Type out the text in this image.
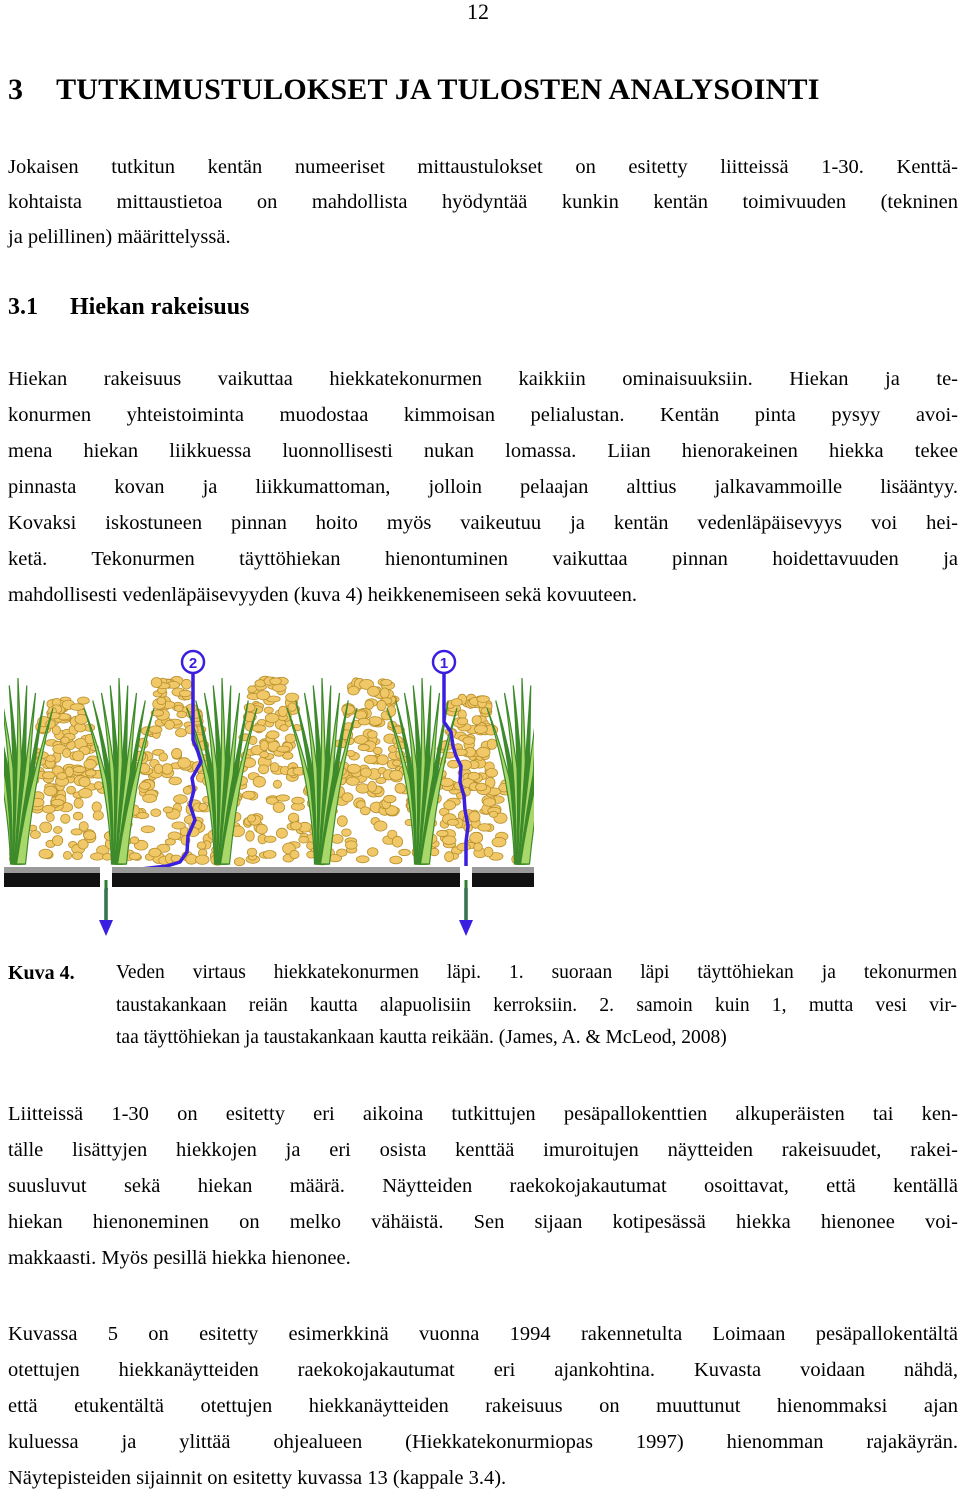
12
3 TUTKIMUSTULOKSET JA TULOSTEN ANALYSOINTI

Jokaisen tutkitun kentän numeeriset mittaustulokset on esitetty liitteissä 1-30. Kenttä-
kohtaista mittaustietoa on mahdollista hyödyntää kunkin kentän toimivuuden (tekninen
ja pelillinen) määrittelyssä.

3.1 Hiekan rakeisuus

Hiekan rakeisuus vaikuttaa hiekkatekonurmen kaikkiin ominaisuuksiin. Hiekan ja te-
konurmen yhteistoiminta muodostaa kimmoisan pelialustan. Kentän pinta pysyy avoi-
mena hiekan liikkuessa luonnollisesti nukan lomassa. Liian hienorakeinen hiekka tekee
pinnasta kovan ja liikkumattoman, jolloin pelaajan alttius jalkavammoille lisääntyy.
Kovaksi iskostuneen pinnan hoito myös vaikeutuu ja kentän vedenläpäisevyys voi hei-
ketä. Tekonurmen täyttöhiekan hienontuminen vaikuttaa pinnan hoidettavuuden ja
mahdollisesti vedenläpäisevyyden (kuva 4) heikkenemiseen sekä kovuuteen.

2	1
Kuva 4. Veden virtaus hiekkatekonurmen läpi. 1. suoraan läpi täyttöhiekan ja tekonurmen
taustakankaan reiän kautta alapuolisiin kerroksiin. 2. samoin kuin 1, mutta vesi vir-
taa täyttöhiekan ja taustakankaan kautta reikään. (James, A. & McLeod, 2008)

Liitteissä 1-30 on esitetty eri aikoina tutkittujen pesäpallokenttien alkuperäisten tai ken-
tälle lisättyjen hiekkojen ja eri osista kenttää imuroitujen näytteiden rakeisuudet, rakei-
suusluvut sekä hiekan määrä. Näytteiden raekokojakautumat osoittavat, että kentällä
hiekan hienoneminen on melko vähäistä. Sen sijaan kotipesässä hiekka hienonee voi-
makkaasti. Myös pesillä hiekka hienonee.

Kuvassa 5 on esitetty esimerkkinä vuonna 1994 rakennetulta Loimaan pesäpallokentältä
otettujen hiekkanäytteiden raekokojakautumat eri ajankohtina. Kuvasta voidaan nähdä,
että etukentältä otettujen hiekkanäytteiden rakeisuus on muuttunut hienommaksi ajan
kuluessa ja ylittää ohjealueen (Hiekkatekonurmiopas 1997) hienomman rajakäyrän.
Näytepisteiden sijainnit on esitetty kuvassa 13 (kappale 3.4).
